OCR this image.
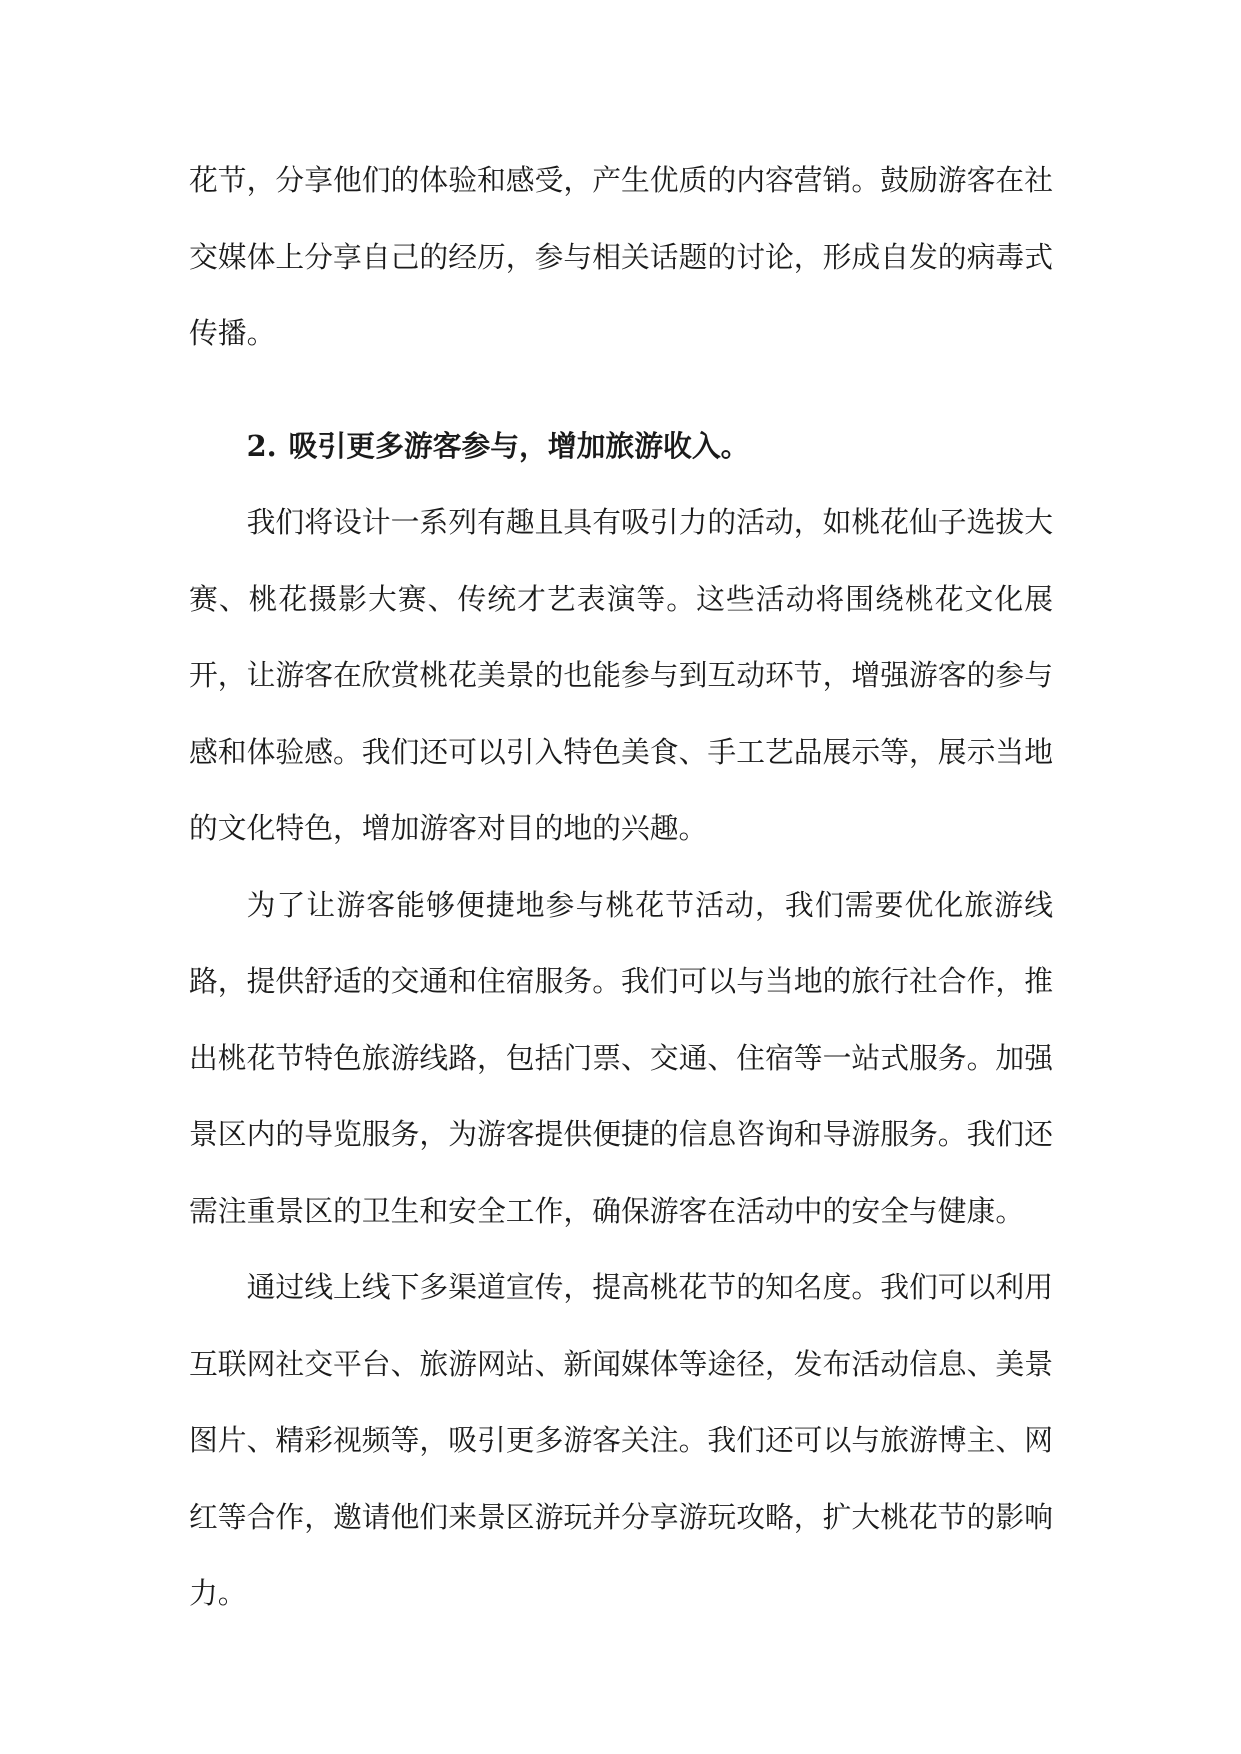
花节，分享他们的体验和感受，产生优质的内容营销。鼓励游客在社交媒体上分享自己的经历，参与相关话题的讨论，形成自发的病毒式传播。

2. 吸引更多游客参与，增加旅游收入。

我们将设计一系列有趣且具有吸引力的活动，如桃花仙子选拔大赛、桃花摄影大赛、传统才艺表演等。这些活动将围绕桃花文化展开，让游客在欣赏桃花美景的也能参与到互动环节，增强游客的参与感和体验感。我们还可以引入特色美食、手工艺品展示等，展示当地的文化特色，增加游客对目的地的兴趣。

为了让游客能够便捷地参与桃花节活动，我们需要优化旅游线路，提供舒适的交通和住宿服务。我们可以与当地的旅行社合作，推出桃花节特色旅游线路，包括门票、交通、住宿等一站式服务。加强景区内的导览服务，为游客提供便捷的信息咨询和导游服务。我们还需注重景区的卫生和安全工作，确保游客在活动中的安全与健康。

通过线上线下多渠道宣传，提高桃花节的知名度。我们可以利用互联网社交平台、旅游网站、新闻媒体等途径，发布活动信息、美景图片、精彩视频等，吸引更多游客关注。我们还可以与旅游博主、网红等合作，邀请他们来景区游玩并分享游玩攻略，扩大桃花节的影响力。
